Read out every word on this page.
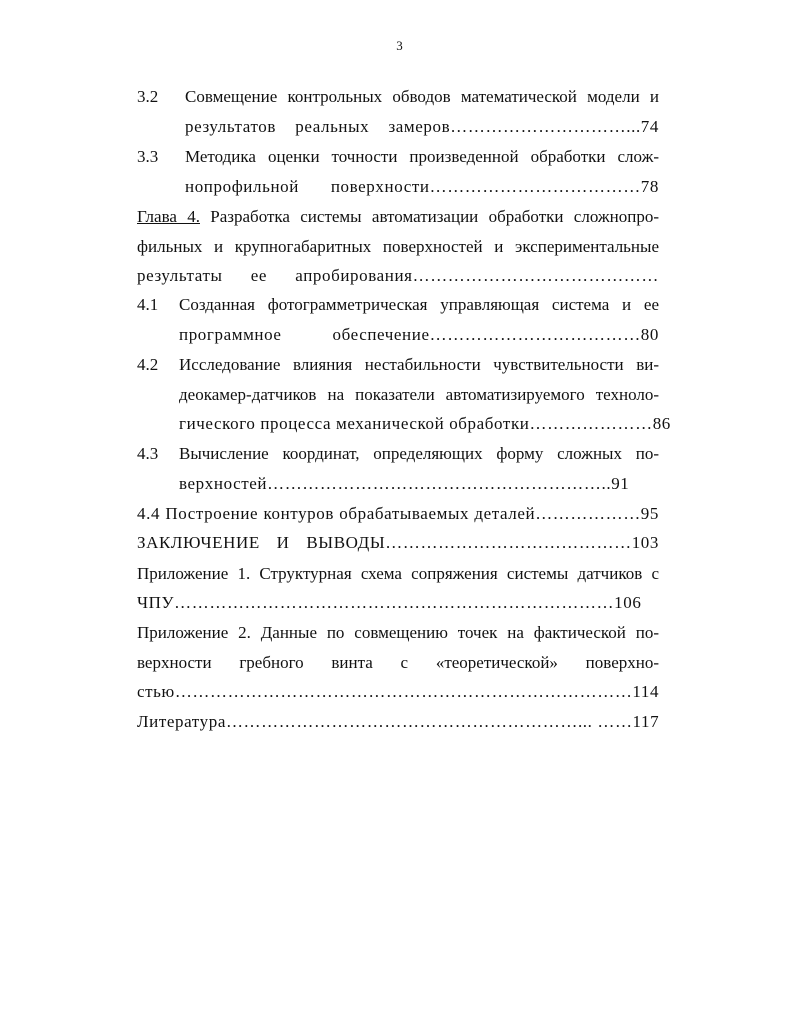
3
3.2 Совмещение контрольных обводов математической модели и
результатов реальных замеров…………………………...74
3.3 Методика оценки точности произведенной обработки слож-
нопрофильной поверхности………………………………78
Глава 4. Разработка системы автоматизации обработки сложнопро-
фильных и крупногабаритных поверхностей и экспериментальные
результаты ее апробирования……………………………………
4.1 Созданная фотограмметрическая управляющая система и ее
программное обеспечение………………………………80
4.2 Исследование влияния нестабильности чувствительности ви-
деокамер-датчиков на показатели автоматизируемого техноло-
гического процесса механической обработки…………………86
4.3 Вычисление координат, определяющих форму сложных по-
верхностей…………………………………………………..91
4.4 Построение контуров обрабатываемых деталей………………95
ЗАКЛЮЧЕНИЕ И ВЫВОДЫ……………………………………103
Приложение 1. Структурная схема сопряжения системы датчиков с
ЧПУ…………………………………………………………………106
Приложение 2. Данные по совмещению точек на фактической по-
верхности гребного винта с «теоретической» поверхно-
стью……………………………………………………………………114
Литература……………………………………………………... ……117
